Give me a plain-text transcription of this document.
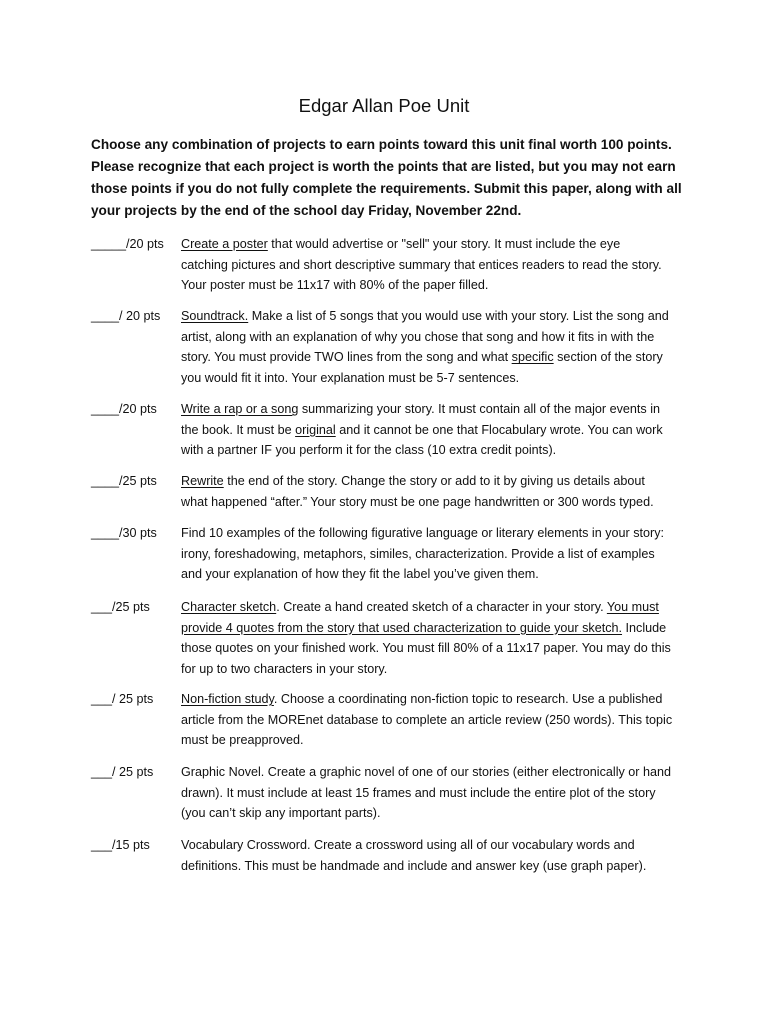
Edgar Allan Poe Unit
Choose any combination of projects to earn points toward this unit final worth 100 points.
Please recognize that each project is worth the points that are listed, but you may not earn
those points if you do not fully complete the requirements. Submit this paper, along with all
your projects by the end of the school day Friday, November 22nd.
_____/20 pts Create a poster that would advertise or "sell" your story. It must include the eye
catching pictures and short descriptive summary that entices readers to read the story.
Your poster must be 11x17 with 80% of the paper filled.
____/ 20 pts Soundtrack. Make a list of 5 songs that you would use with your story. List the song and
artist, along with an explanation of why you chose that song and how it fits in with the
story. You must provide TWO lines from the song and what specific section of the story
you would fit it into. Your explanation must be 5-7 sentences.
____/20 pts Write a rap or a song summarizing your story. It must contain all of the major events in
the book. It must be original and it cannot be one that Flocabulary wrote. You can work
with a partner IF you perform it for the class (10 extra credit points).
____/25 pts Rewrite the end of the story. Change the story or add to it by giving us details about
what happened “after.” Your story must be one page handwritten or 300 words typed.
____/30 pts Find 10 examples of the following figurative language or literary elements in your story:
irony, foreshadowing, metaphors, similes, characterization. Provide a list of examples
and your explanation of how they fit the label you’ve given them.
___/25 pts Character sketch. Create a hand created sketch of a character in your story. You must
provide 4 quotes from the story that used characterization to guide your sketch. Include
those quotes on your finished work. You must fill 80% of a 11x17 paper. You may do this
for up to two characters in your story.
___/ 25 pts Non-fiction study. Choose a coordinating non-fiction topic to research. Use a published
article from the MOREnet database to complete an article review (250 words). This topic
must be preapproved.
___/ 25 pts Graphic Novel. Create a graphic novel of one of our stories (either electronically or hand
drawn). It must include at least 15 frames and must include the entire plot of the story
(you can’t skip any important parts).
___/15 pts Vocabulary Crossword. Create a crossword using all of our vocabulary words and
definitions. This must be handmade and include and answer key (use graph paper).
